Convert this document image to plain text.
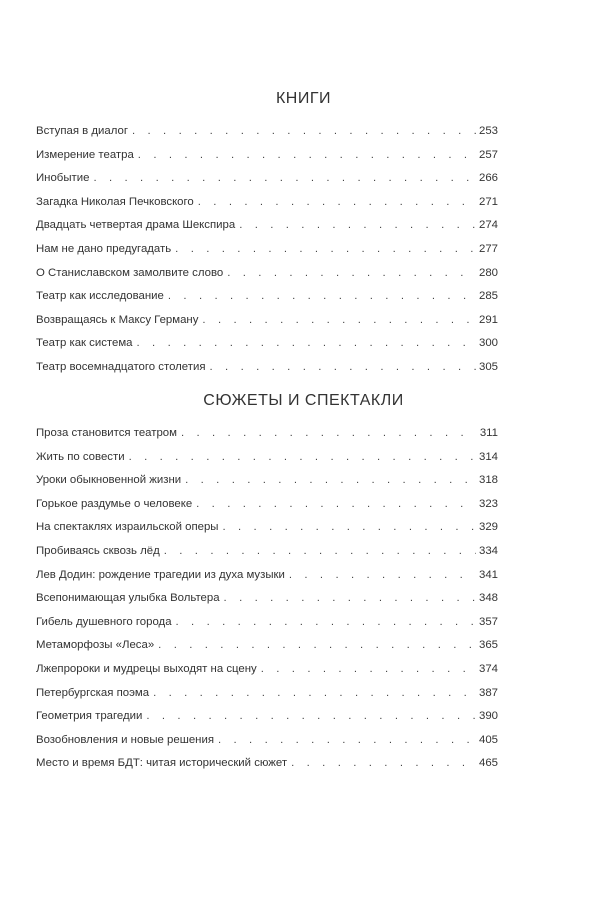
КНИГИ
Вступая в диалог . . .	253
Измерение театра . . .	257
Инобытие . . .	266
Загадка Николая Печковского . . .	271
Двадцать четвертая драма Шекспира . . .	274
Нам не дано предугадать . . .	277
О Станиславском замолвите слово . . .	280
Театр как исследование . . .	285
Возвращаясь к Максу Герману . . .	291
Театр как система . . .	300
Театр восемнадцатого столетия . . .	305
СЮЖЕТЫ И СПЕКТАКЛИ
Проза становится театром . . .	311
Жить по совести . . .	314
Уроки обыкновенной жизни . . .	318
Горькое раздумье о человеке . . .	323
На спектаклях израильской оперы . . .	329
Пробиваясь сквозь лёд . . .	334
Лев Додин: рождение трагедии из духа музыки . . .	341
Всепонимающая улыбка Вольтера . . .	348
Гибель душевного города . . .	357
Метаморфозы «Леса» . . .	365
Лжепророки и мудрецы выходят на сцену . . .	374
Петербургская поэма . . .	387
Геометрия трагедии . . .	390
Возобновления и новые решения . . .	405
Место и время БДТ: читая исторический сюжет . . .	465
